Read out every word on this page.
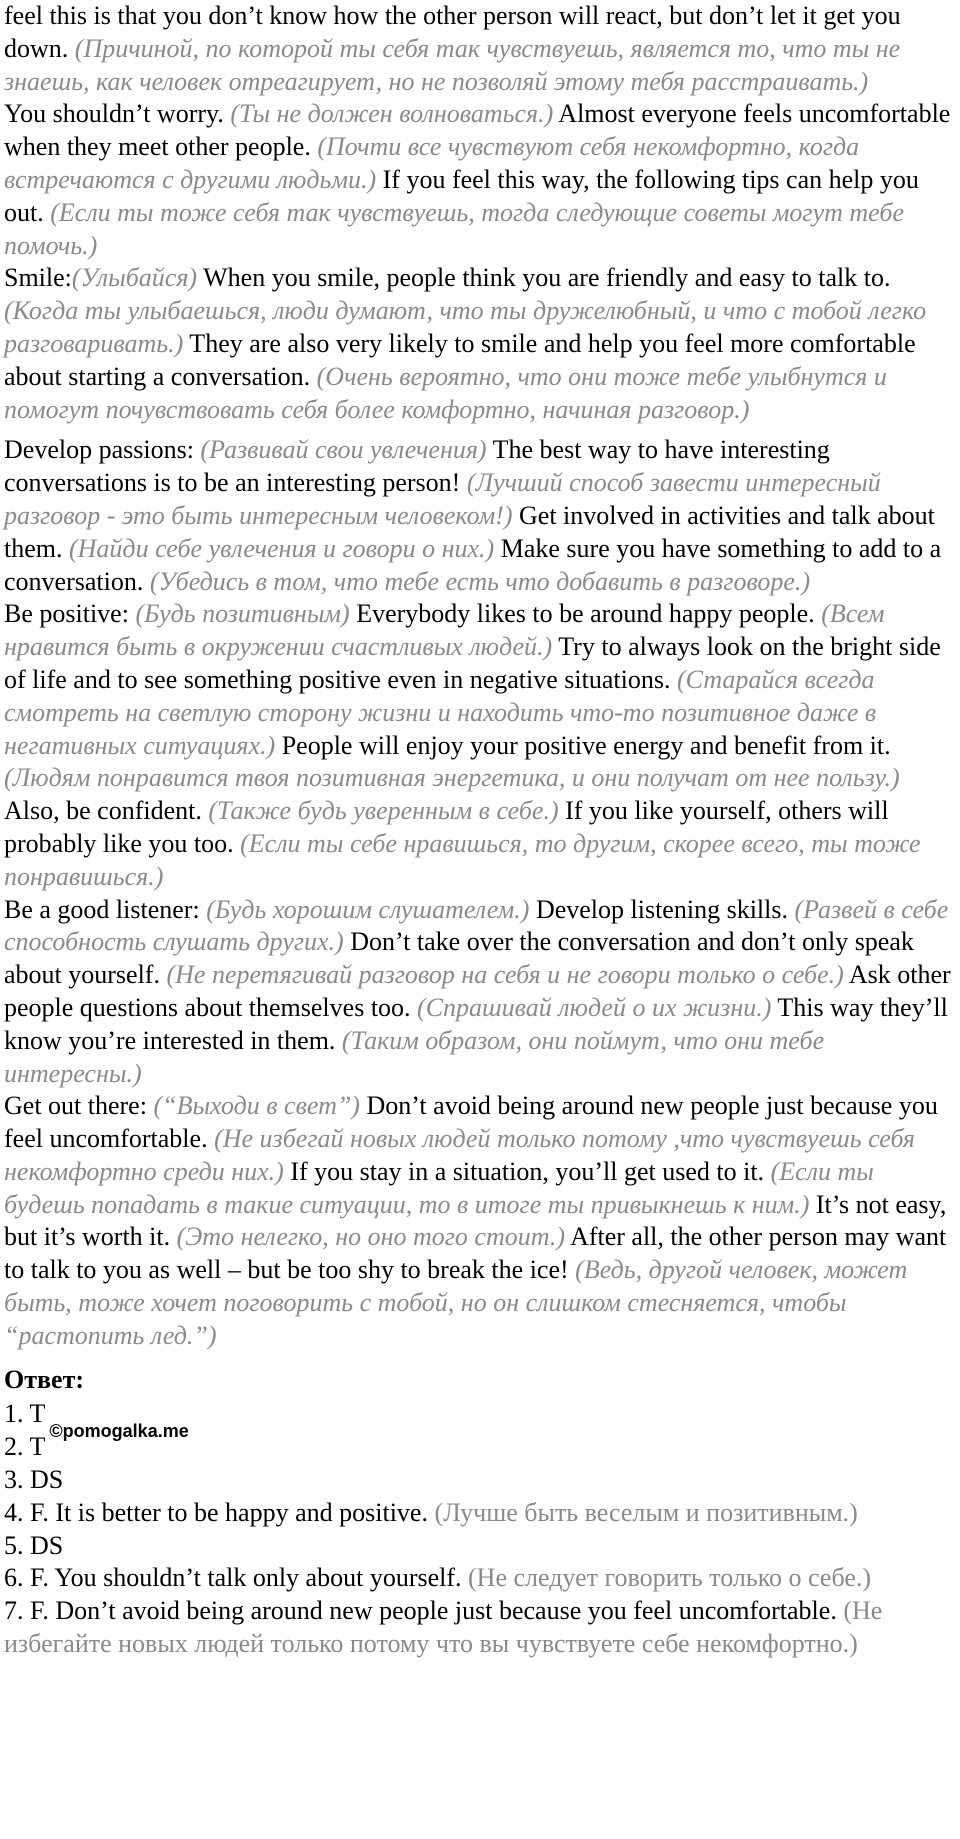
feel this is that you don’t know how the other person will react, but don’t let it get you down. (Причиной, по которой ты себя так чувствуешь, является то, что ты не знаешь, как человек отреагирует, но не позволяй этому тебя расстраивать.)

You shouldn’t worry. (Ты не должен волноваться.) Almost everyone feels uncomfortable when they meet other people. (Почти все чувствуют себя некомфортно, когда встречаются с другими людьми.) If you feel this way, the following tips can help you out. (Если ты тоже себя так чувствуешь, тогда следующие советы могут тебе помочь.)

Smile:(Улыбайся) When you smile, people think you are friendly and easy to talk to. (Когда ты улыбаешься, люди думают, что ты дружелюбный, и что с тобой легко разговаривать.) They are also very likely to smile and help you feel more comfortable about starting a conversation. (Очень вероятно, что они тоже тебе улыбнутся и помогут почувствовать себя более комфортно, начиная разговор.)

Develop passions: (Развивай свои увлечения) The best way to have interesting conversations is to be an interesting person! (Лучший способ завести интересный разговор - это быть интересным человеком!) Get involved in activities and talk about them. (Найди себе увлечения и говори о них.) Make sure you have something to add to a conversation. (Убедись в том, что тебе есть что добавить в разговоре.)

Be positive: (Будь позитивным) Everybody likes to be around happy people. (Всем нравится быть в окружении счастливых людей.) Try to always look on the bright side of life and to see something positive even in negative situations. (Старайся всегда смотреть на светлую сторону жизни и находить что-то позитивное даже в негативных ситуациях.) People will enjoy your positive energy and benefit from it. (Людям понравится твоя позитивная энергетика, и они получат от нее пользу.) Also, be confident. (Также будь уверенным в себе.) If you like yourself, others will probably like you too. (Если ты себе нравишься, то другим, скорее всего, ты тоже понравишься.)

Be a good listener: (Будь хорошим слушателем.) Develop listening skills. (Развей в себе способность слушать других.) Don’t take over the conversation and don’t only speak about yourself. (Не перетягивай разговор на себя и не говори только о себе.) Ask other people questions about themselves too. (Спрашивай людей о их жизни.) This way they’ll know you’re interested in them. (Таким образом, они поймут, что они тебе интересны.)

Get out there: (“Выходи в свет”) Don’t avoid being around new people just because you feel uncomfortable. (Не избегай новых людей только потому ,что чувствуешь себя некомфортно среди них.) If you stay in a situation, you’ll get used to it. (Если ты будешь попадать в такие ситуации, то в итоге ты привыкнешь к ним.) It’s not easy, but it’s worth it. (Это нелегко, но оно того стоит.) After all, the other person may want to talk to you as well – but be too shy to break the ice! (Ведь, другой человек, может быть, тоже хочет поговорить с тобой, но он слишком стесняется, чтобы “растопить лед.”)

Ответ:
1. T
2. $T^{©pomogalka.me}$
3. DS
4. F. It is better to be happy and positive. (Лучше быть веселым и позитивным.)
5. DS
6. F. You shouldn’t talk only about yourself. (Не следует говорить только о себе.)
7. F. Don’t avoid being around new people just because you feel uncomfortable. (Не избегайте новых людей только потому что вы чувствуете себе некомфортно.)
